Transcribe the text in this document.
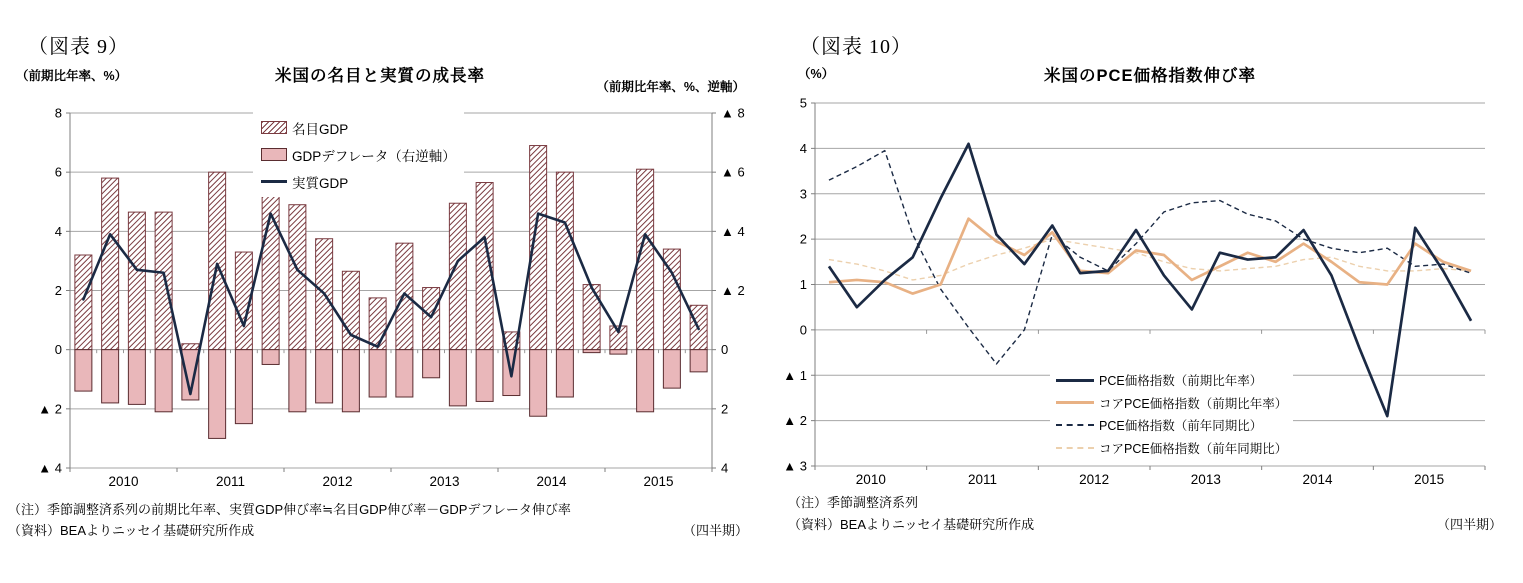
（図表 9）
（前期比年率、%）	米国の名目と実質の成長率
（前期比年率、%、逆軸）
8
6
4
2
0
▲ 2
▲ 4
▲ 8
▲ 6
▲ 4
▲ 2
0
2
4
2010	2011	2012	2013	2014	2015
名目GDP
GDPデフレータ（右逆軸）
実質GDP
（注）季節調整済系列の前期比年率、実質GDP伸び率≒名目GDP伸び率－GDPデフレータ伸び率
（資料）BEAよりニッセイ基礎研究所作成	（四半期）
（図表 10）
（%）	米国のPCE価格指数伸び率
5
4
3
2
1
0
▲ 1
▲ 2
▲ 3
2010	2011	2012	2013	2014	2015
PCE価格指数（前期比年率）
コアPCE価格指数（前期比年率）
PCE価格指数（前年同期比）
コアPCE価格指数（前年同期比）
（注）季節調整済系列
（資料）BEAよりニッセイ基礎研究所作成	（四半期）
